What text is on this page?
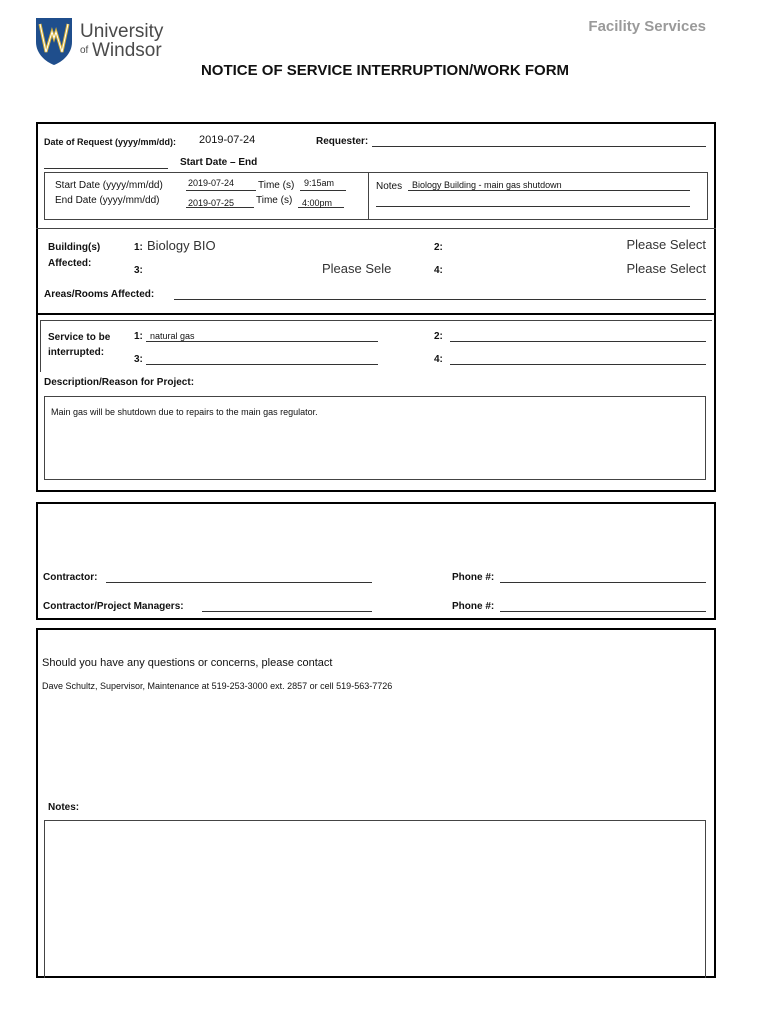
University
of Windsor
Facility Services
NOTICE OF SERVICE INTERRUPTION/WORK FORM
Date of Request (yyyy/mm/dd): 2019-07-24	Requester:
Start Date – End
Start Date (yyyy/mm/dd)	2019-07-24 Time (s) 9:15am
End Date (yyyy/mm/dd)	2019-07-25 Time (s) 4:00pm
Notes Biology Building - main gas shutdown
Building(s)
Affected:
1: Biology BIO	2:	Please Select
3:	Please Sele	4:	Please Select
Areas/Rooms Affected:
Service to be
interrupted:
1: natural gas	2:
3:	4:
Description/Reason for Project:
Main gas will be shutdown due to repairs to the main gas regulator.
Contractor:	Phone #:
Contractor/Project Managers:	Phone #:
Should you have any questions or concerns, please contact
Dave Schultz, Supervisor, Maintenance at 519-253-3000 ext. 2857 or cell 519-563-7726
Notes:
